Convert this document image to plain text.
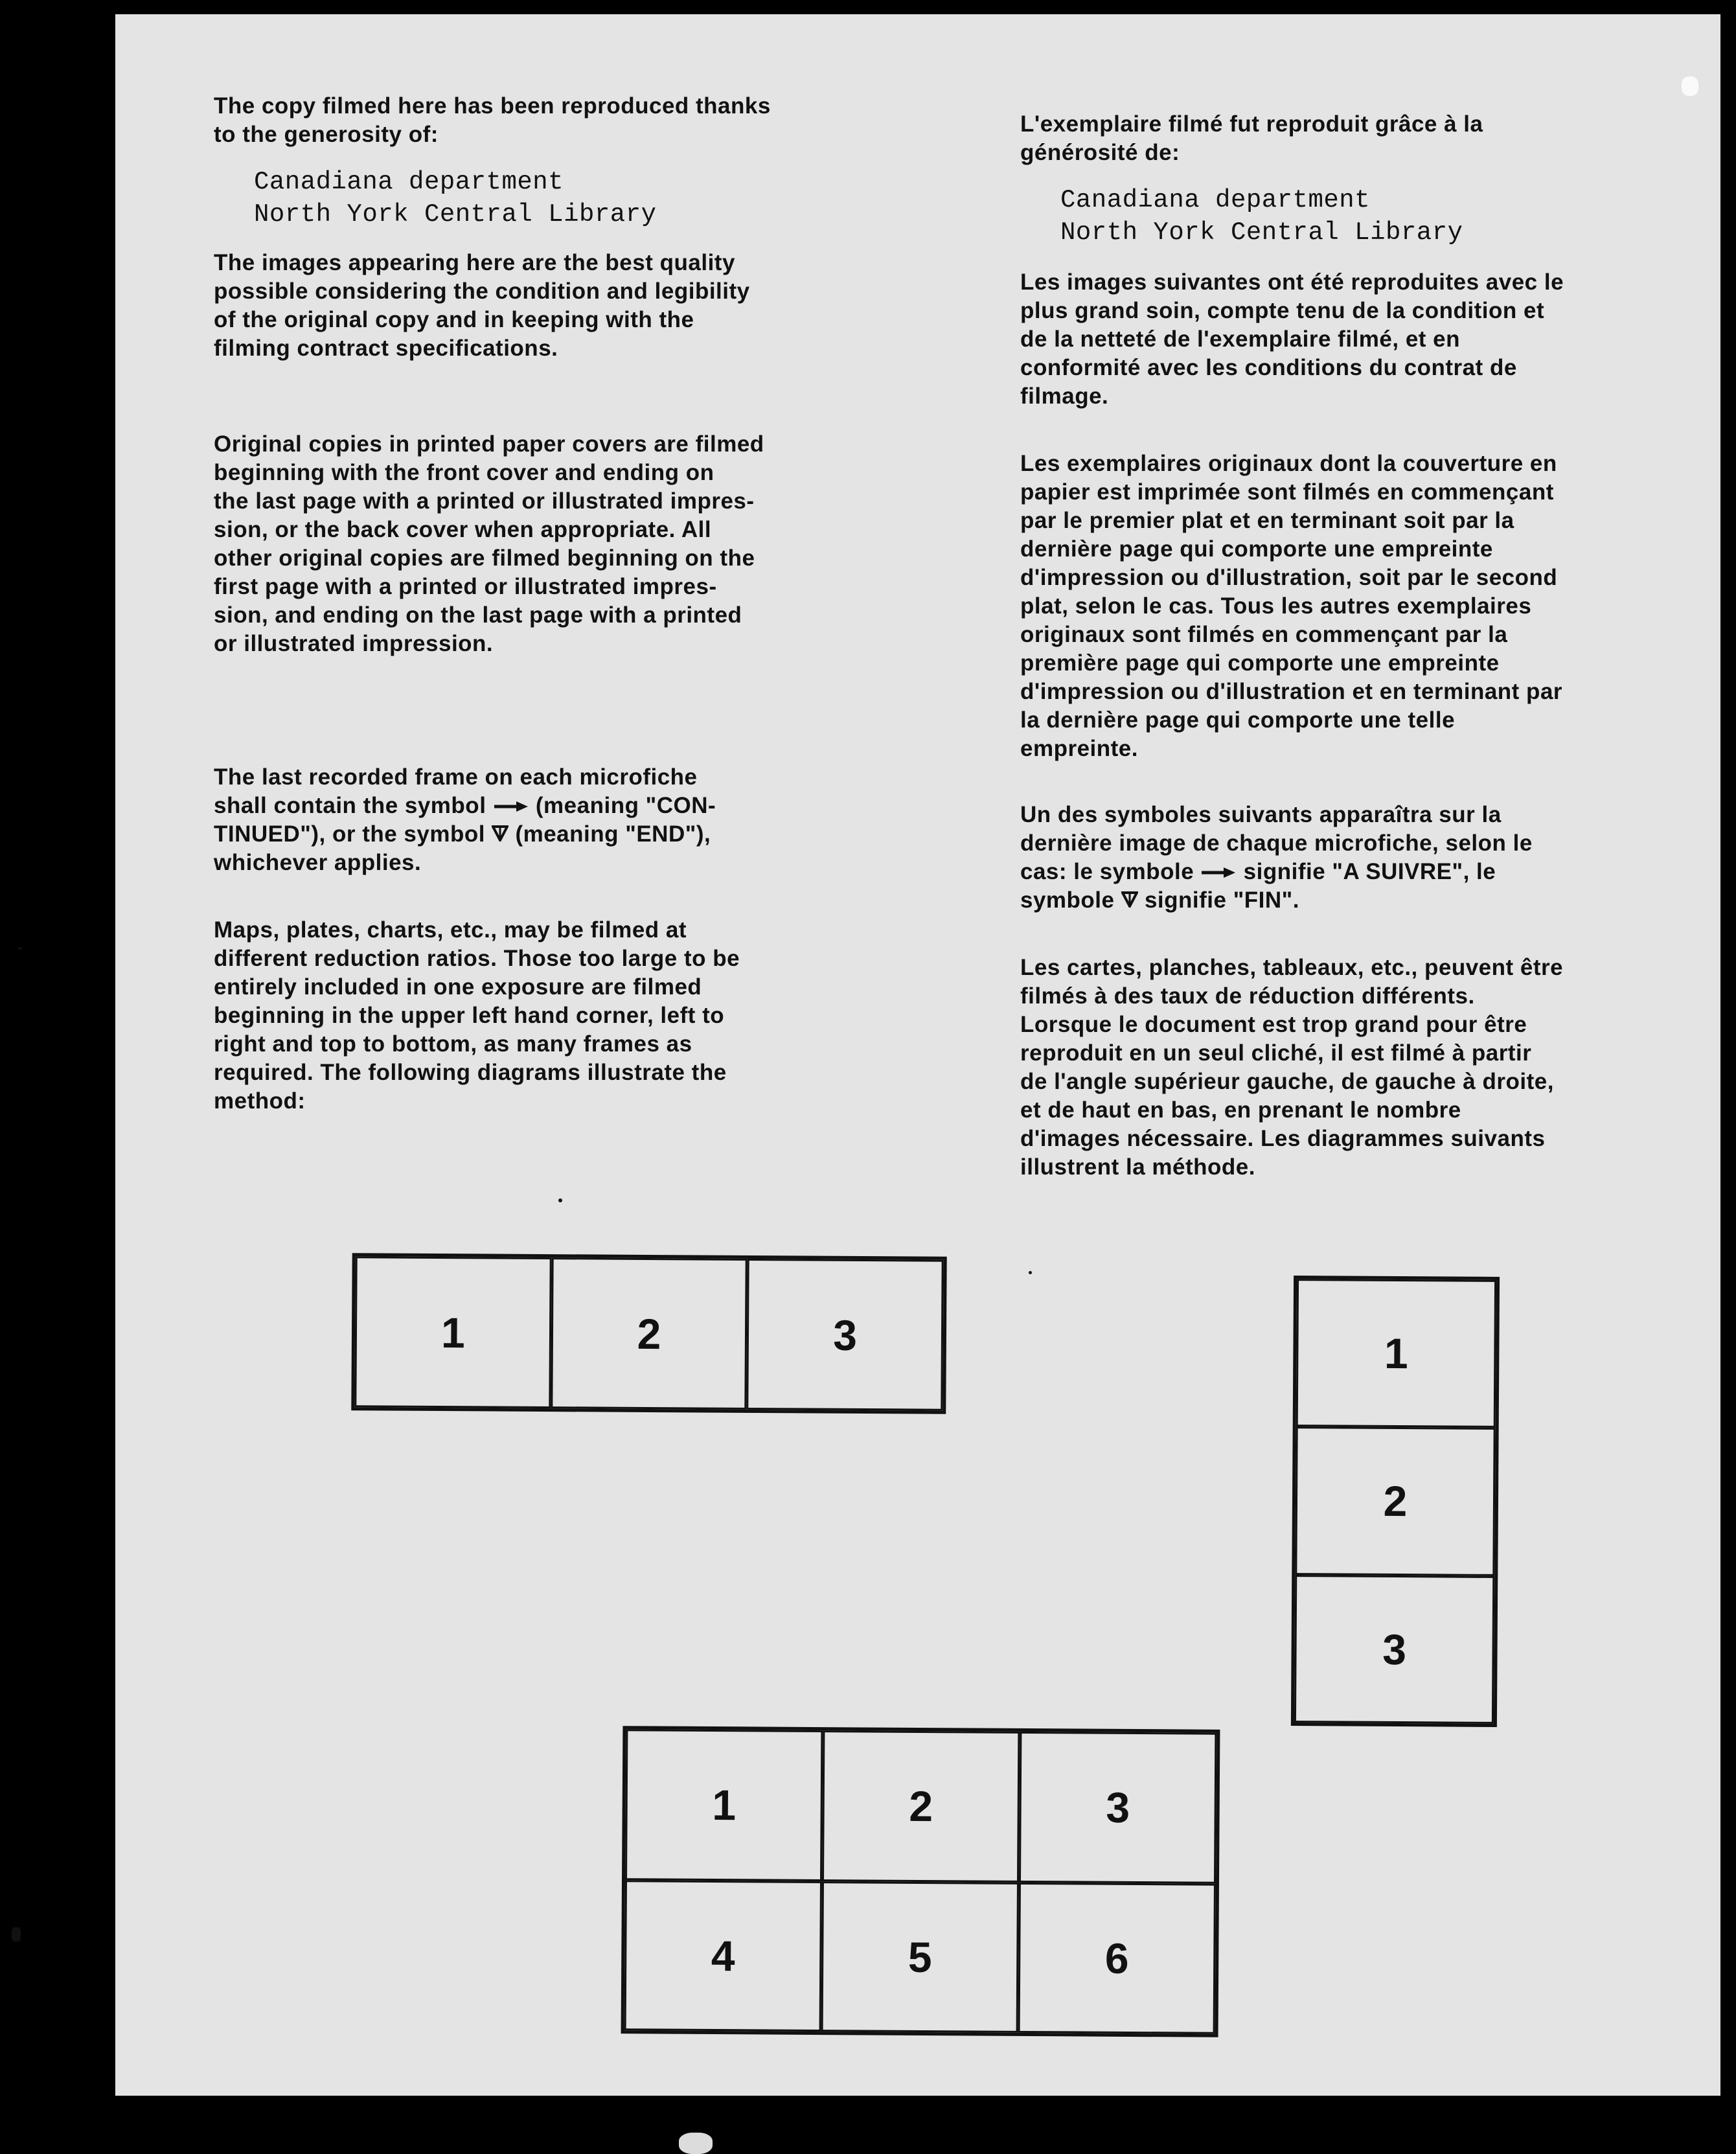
The copy filmed here has been reproduced thanks
to the generosity of:

Canadiana department
North York Central Library

The images appearing here are the best quality
possible considering the condition and legibility
of the original copy and in keeping with the
filming contract specifications.

Original copies in printed paper covers are filmed
beginning with the front cover and ending on
the last page with a printed or illustrated impres-
sion, or the back cover when appropriate. All
other original copies are filmed beginning on the
first page with a printed or illustrated impres-
sion, and ending on the last page with a printed
or illustrated impression.

The last recorded frame on each microfiche
shall contain the symbol (meaning "CON-
TINUED"), or the symbol (meaning "END"),
whichever applies.

Maps, plates, charts, etc., may be filmed at
different reduction ratios. Those too large to be
entirely included in one exposure are filmed
beginning in the upper left hand corner, left to
right and top to bottom, as many frames as
required. The following diagrams illustrate the
method:

L'exemplaire filmé fut reproduit grâce à la
générosité de:

Canadiana department
North York Central Library

Les images suivantes ont été reproduites avec le
plus grand soin, compte tenu de la condition et
de la netteté de l'exemplaire filmé, et en
conformité avec les conditions du contrat de
filmage.

Les exemplaires originaux dont la couverture en
papier est imprimée sont filmés en commençant
par le premier plat et en terminant soit par la
dernière page qui comporte une empreinte
d'impression ou d'illustration, soit par le second
plat, selon le cas. Tous les autres exemplaires
originaux sont filmés en commençant par la
première page qui comporte une empreinte
d'impression ou d'illustration et en terminant par
la dernière page qui comporte une telle
empreinte.

Un des symboles suivants apparaîtra sur la
dernière image de chaque microfiche, selon le
cas: le symbole signifie "A SUIVRE", le
symbole signifie "FIN".

Les cartes, planches, tableaux, etc., peuvent être
filmés à des taux de réduction différents.
Lorsque le document est trop grand pour être
reproduit en un seul cliché, il est filmé à partir
de l'angle supérieur gauche, de gauche à droite,
et de haut en bas, en prenant le nombre
d'images nécessaire. Les diagrammes suivants
illustrent la méthode.

1	2	3	1
2
3
1	2	3
4	5	6
